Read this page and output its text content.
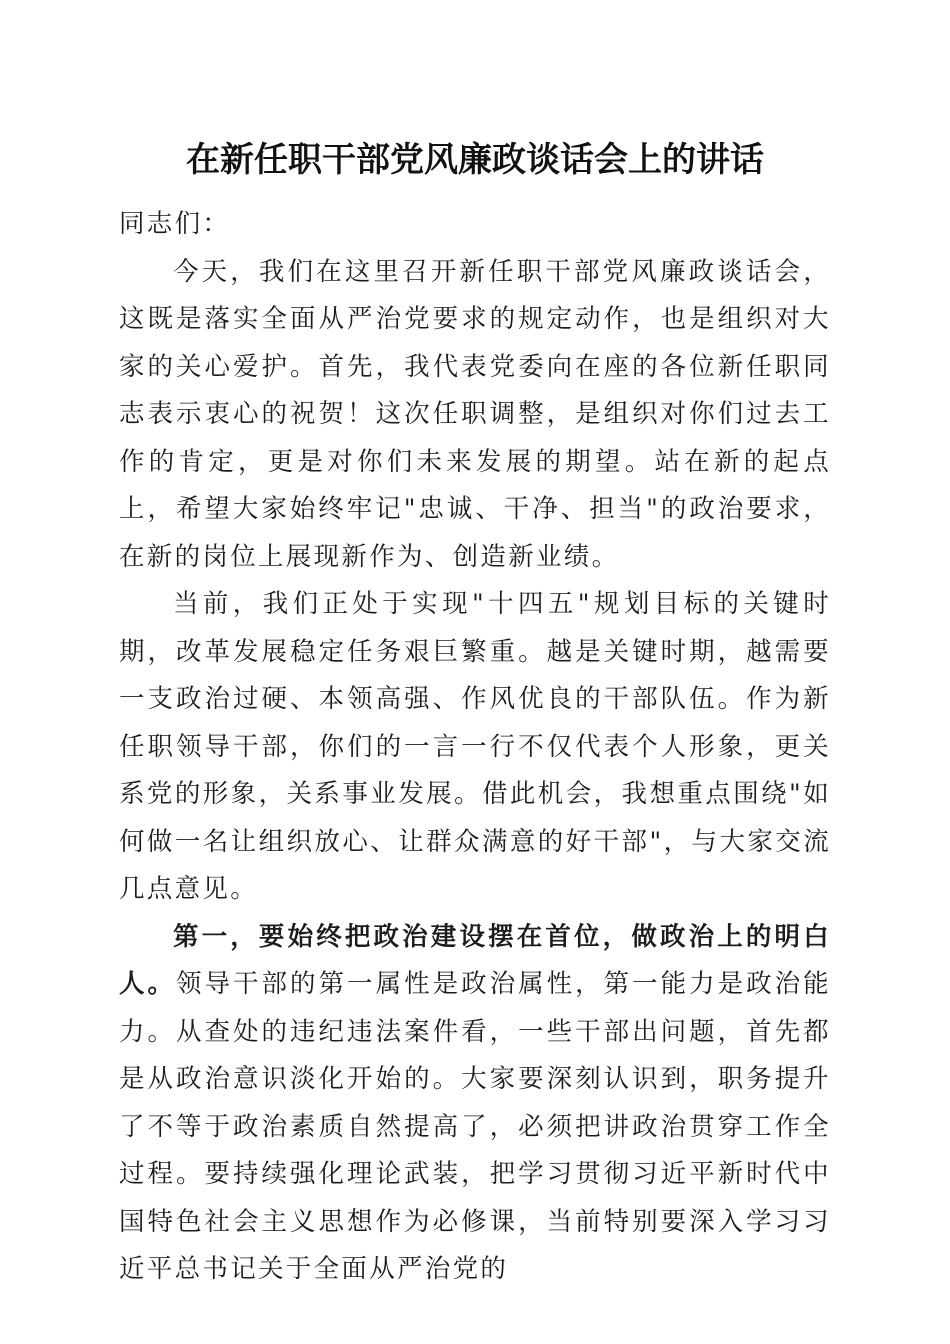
在新任职干部党风廉政谈话会上的讲话

同志们：

今天，我们在这里召开新任职干部党风廉政谈话会，这既是落实全面从严治党要求的规定动作，也是组织对大家的关心爱护。首先，我代表党委向在座的各位新任职同志表示衷心的祝贺！这次任职调整，是组织对你们过去工作的肯定，更是对你们未来发展的期望。站在新的起点上，希望大家始终牢记"忠诚、干净、担当"的政治要求，在新的岗位上展现新作为、创造新业绩。

当前，我们正处于实现"十四五"规划目标的关键时期，改革发展稳定任务艰巨繁重。越是关键时期，越需要一支政治过硬、本领高强、作风优良的干部队伍。作为新任职领导干部，你们的一言一行不仅代表个人形象，更关系党的形象，关系事业发展。借此机会，我想重点围绕"如何做一名让组织放心、让群众满意的好干部"，与大家交流几点意见。

第一，要始终把政治建设摆在首位，做政治上的明白人。领导干部的第一属性是政治属性，第一能力是政治能力。从查处的违纪违法案件看，一些干部出问题，首先都是从政治意识淡化开始的。大家要深刻认识到，职务提升了不等于政治素质自然提高了，必须把讲政治贯穿工作全过程。要持续强化理论武装，把学习贯彻习近平新时代中国特色社会主义思想作为必修课，当前特别要深入学习习近平总书记关于全面从严治党的
